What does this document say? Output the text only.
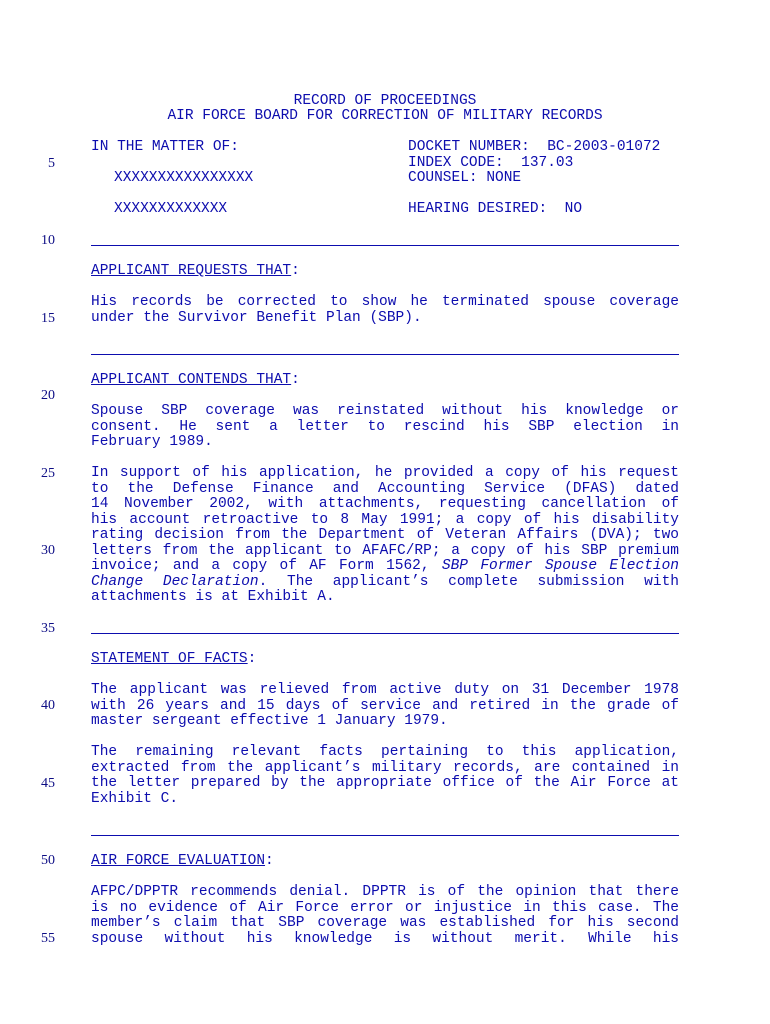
RECORD OF PROCEEDINGS
AIR FORCE BOARD FOR CORRECTION OF MILITARY RECORDS
IN THE MATTER OF:	DOCKET NUMBER:  BC-2003-01072
INDEX CODE:  137.03
XXXXXXXXXXXXXXXX	COUNSEL: NONE
XXXXXXXXXXXXX	HEARING DESIRED:  NO
5
10
15
20
25
30
35
40
45
50
55
APPLICANT REQUESTS THAT:
His records be corrected to show he terminated spouse coverage
under the Survivor Benefit Plan (SBP).
APPLICANT CONTENDS THAT:
Spouse SBP coverage was reinstated without his knowledge or
consent. He sent a letter to rescind his SBP election in
February 1989.
In support of his application, he provided a copy of his request
to the Defense Finance and Accounting Service (DFAS) dated
14 November 2002, with attachments, requesting cancellation of
his account retroactive to 8 May 1991; a copy of his disability
rating decision from the Department of Veteran Affairs (DVA); two
letters from the applicant to AFAFC/RP; a copy of his SBP premium
invoice; and a copy of AF Form 1562, SBP Former Spouse Election
Change Declaration. The applicant’s complete submission with
attachments is at Exhibit A.
STATEMENT OF FACTS:
The applicant was relieved from active duty on 31 December 1978
with 26 years and 15 days of service and retired in the grade of
master sergeant effective 1 January 1979.
The remaining relevant facts pertaining to this application,
extracted from the applicant’s military records, are contained in
the letter prepared by the appropriate office of the Air Force at
Exhibit C.
AIR FORCE EVALUATION:
AFPC/DPPTR recommends denial. DPPTR is of the opinion that there
is no evidence of Air Force error or injustice in this case. The
member’s claim that SBP coverage was established for his second
spouse without his knowledge is without merit. While his
